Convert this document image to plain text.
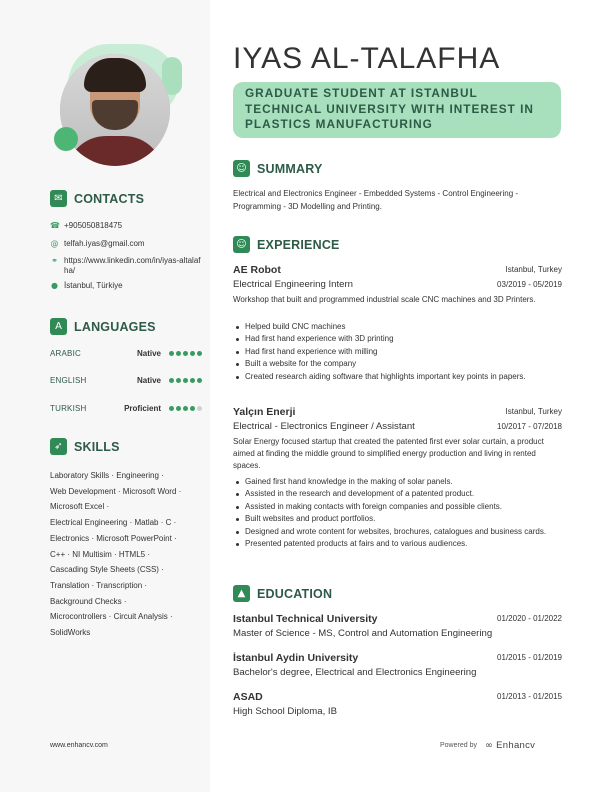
✉ CONTACTS
☎ +905050818475
@ telfah.iyas@gmail.com
⚭ https://www.linkedin.com/in/iyas-altalafha/
● İstanbul, Türkiye
A LANGUAGES
ARABIC	Native
ENGLISH	Native
TURKISH	Proficient
➶ SKILLS
Laboratory Skills · Engineering ·
Web Development · Microsoft Word ·
Microsoft Excel ·
Electrical Engineering · Matlab · C ·
Electronics · Microsoft PowerPoint ·
C++ · NI Multisim · HTML5 ·
Cascading Style Sheets (CSS) ·
Translation · Transcription ·
Background Checks ·
Microcontrollers · Circuit Analysis ·
SolidWorks
www.enhancv.com	Powered by ∞ Enhancv
IYAS AL-TALAFHA
GRADUATE STUDENT AT ISTANBUL TECHNICAL UNIVERSITY WITH INTEREST IN PLASTICS MANUFACTURING
☺ SUMMARY
Electrical and Electronics Engineer - Embedded Systems - Control Engineering - Programming - 3D Modelling and Printing.
☺ EXPERIENCE
AE Robot	Istanbul, Turkey
Electrical Engineering Intern	03/2019 - 05/2019
Workshop that built and programmed industrial scale CNC machines and 3D Printers.
Helped build CNC machines
Had first hand experience with 3D printing
Had first hand experience with milling
Built a website for the company
Created research aiding software that highlights important key points in papers.
Yalçın Enerji	Istanbul, Turkey
Electrical - Electronics Engineer / Assistant	10/2017 - 07/2018
Solar Energy focused startup that created the patented first ever solar curtain, a product aimed at finding the middle ground to simplified energy production and living in rented spaces.
Gained first hand knowledge in the making of solar panels.
Assisted in the research and development of a patented product.
Assisted in making contacts with foreign companies and possible clients.
Built websites and product portfolios.
Designed and wrote content for websites, brochures, catalogues and business cards.
Presented patented products at fairs and to various audiences.
▲ EDUCATION
Istanbul Technical University	01/2020 - 01/2022
Master of Science - MS, Control and Automation Engineering
İstanbul Aydin University	01/2015 - 01/2019
Bachelor's degree, Electrical and Electronics Engineering
ASAD	01/2013 - 01/2015
High School Diploma, IB
